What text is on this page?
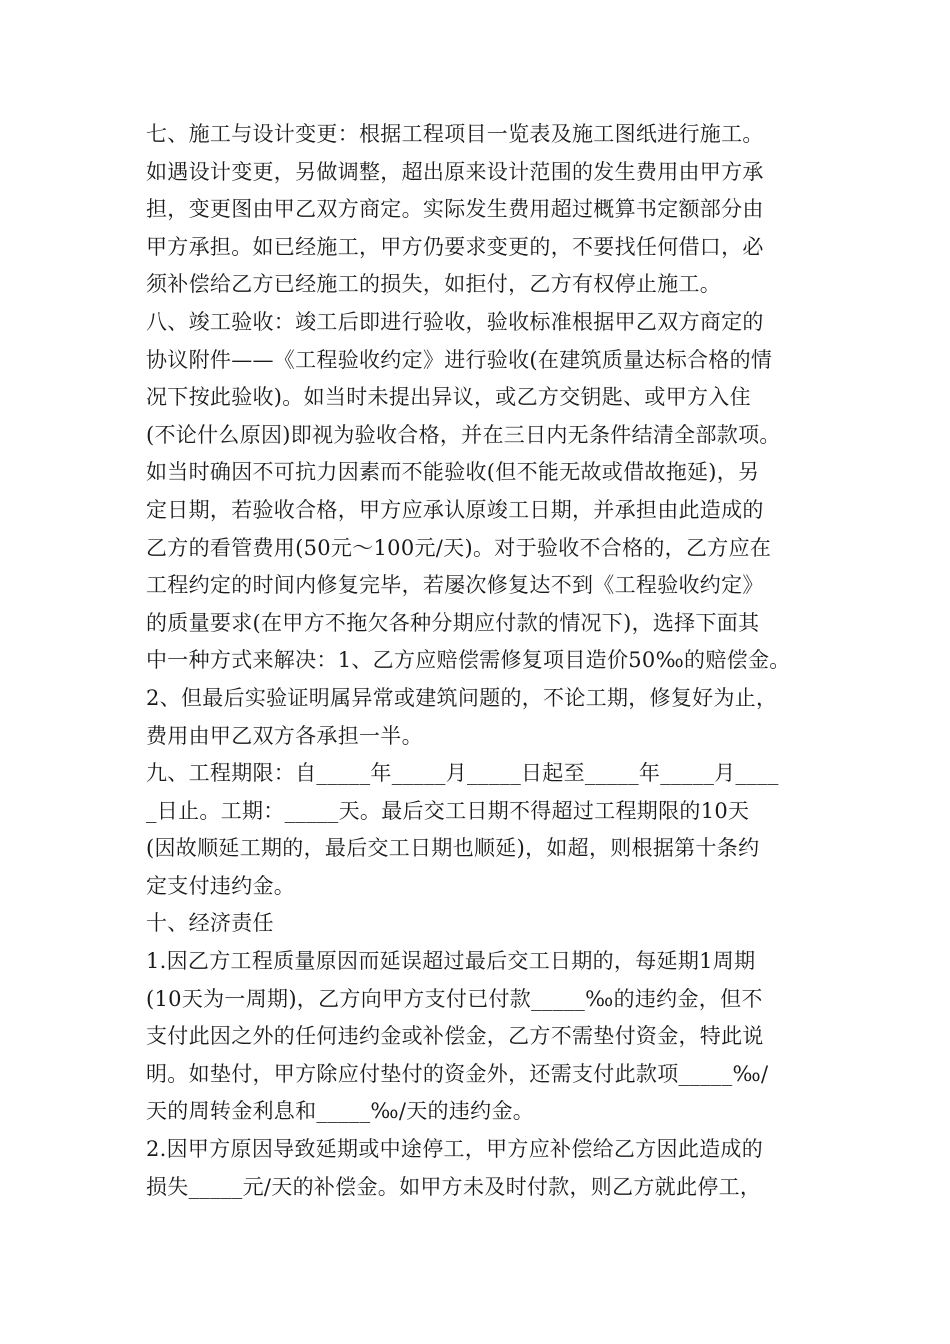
七、施工与设计变更：根据工程项目一览表及施工图纸进行施工。
如遇设计变更，另做调整，超出原来设计范围的发生费用由甲方承
担，变更图由甲乙双方商定。实际发生费用超过概算书定额部分由
甲方承担。如已经施工，甲方仍要求变更的，不要找任何借口，必
须补偿给乙方已经施工的损失，如拒付，乙方有权停止施工。
八、竣工验收：竣工后即进行验收，验收标准根据甲乙双方商定的
协议附件——《工程验收约定》进行验收(在建筑质量达标合格的情
况下按此验收)。如当时未提出异议，或乙方交钥匙、或甲方入住
(不论什么原因)即视为验收合格，并在三日内无条件结清全部款项。
如当时确因不可抗力因素而不能验收(但不能无故或借故拖延)，另
定日期，若验收合格，甲方应承认原竣工日期，并承担由此造成的
乙方的看管费用(50元～100元/天)。对于验收不合格的，乙方应在
工程约定的时间内修复完毕，若屡次修复达不到《工程验收约定》
的质量要求(在甲方不拖欠各种分期应付款的情况下)，选择下面其
中一种方式来解决：1、乙方应赔偿需修复项目造价50‰的赔偿金。
2、但最后实验证明属异常或建筑问题的，不论工期，修复好为止，
费用由甲乙双方各承担一半。
九、工程期限：自_____年_____月_____日起至_____年_____月____
_日止。工期：_____天。最后交工日期不得超过工程期限的10天
(因故顺延工期的，最后交工日期也顺延)，如超，则根据第十条约
定支付违约金。
十、经济责任
1.因乙方工程质量原因而延误超过最后交工日期的，每延期1周期
(10天为一周期)，乙方向甲方支付已付款_____‰的违约金，但不
支付此因之外的任何违约金或补偿金，乙方不需垫付资金，特此说
明。如垫付，甲方除应付垫付的资金外，还需支付此款项_____‰/
天的周转金利息和_____‰/天的违约金。
2.因甲方原因导致延期或中途停工，甲方应补偿给乙方因此造成的
损失_____元/天的补偿金。如甲方未及时付款，则乙方就此停工，
